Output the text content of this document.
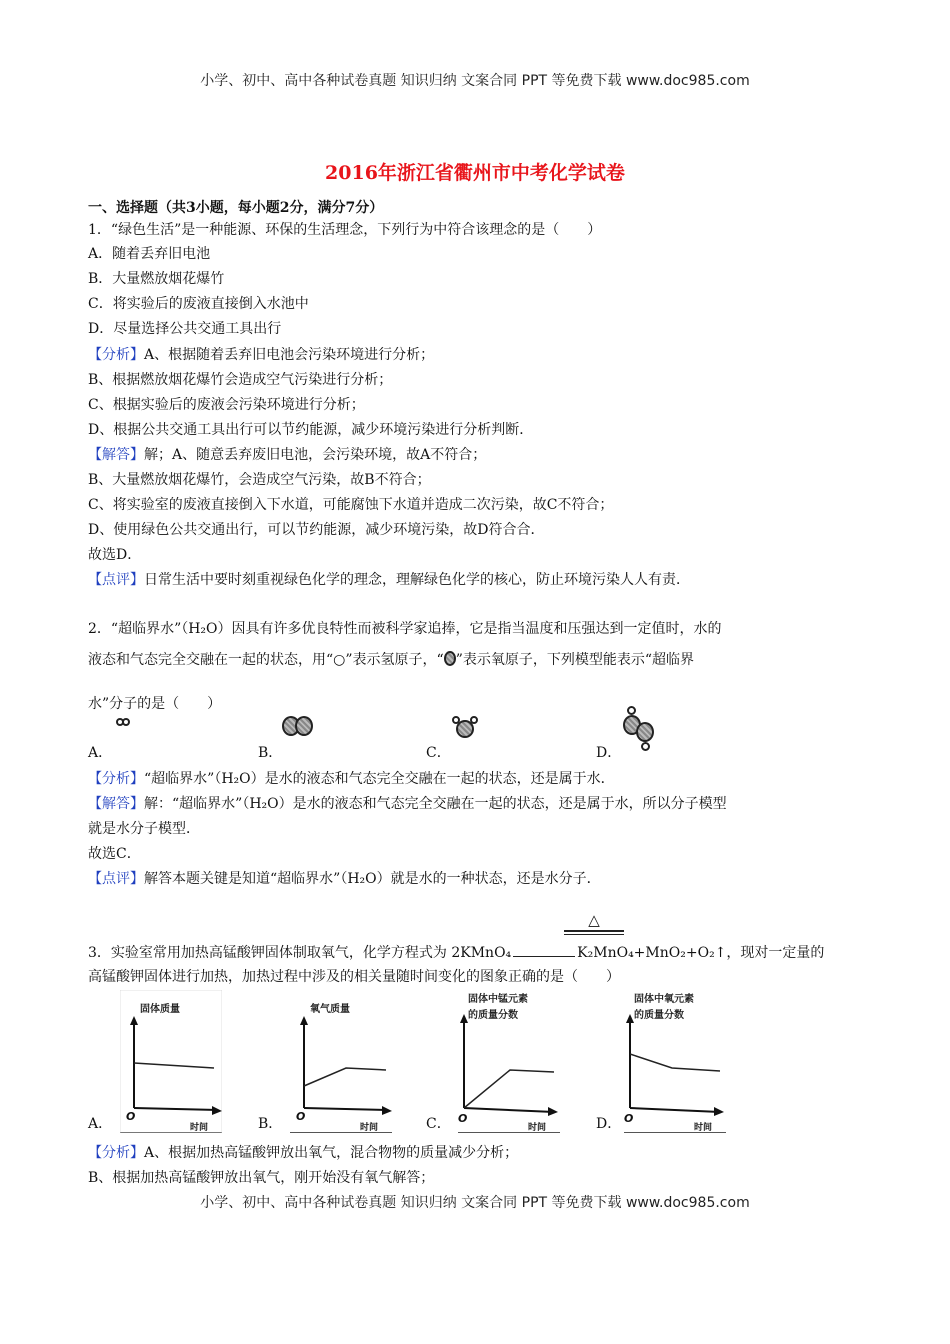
小学、初中、高中各种试卷真题 知识归纳 文案合同 PPT 等免费下载 www.doc985.com
2016年浙江省衢州市中考化学试卷
一、选择题（共3小题，每小题2分，满分7分）
1．“绿色生活”是一种能源、环保的生活理念，下列行为中符合该理念的是（　　）
A．随着丢弃旧电池
B．大量燃放烟花爆竹
C．将实验后的废液直接倒入水池中
D．尽量选择公共交通工具出行
【分析】A、根据随着丢弃旧电池会污染环境进行分析；
B、根据燃放烟花爆竹会造成空气污染进行分析；
C、根据实验后的废液会污染环境进行分析；
D、根据公共交通工具出行可以节约能源，减少环境污染进行分析判断．
【解答】解；A、随意丢弃废旧电池，会污染环境，故A不符合；
B、大量燃放烟花爆竹，会造成空气污染，故B不符合；
C、将实验室的废液直接倒入下水道，可能腐蚀下水道并造成二次污染，故C不符合；
D、使用绿色公共交通出行，可以节约能源，减少环境污染，故D符合合．
故选D．
【点评】日常生活中要时刻重视绿色化学的理念，理解绿色化学的核心，防止环境污染人人有责．
2．“超临界水”（H₂O）因具有许多优良特性而被科学家追捧，它是指当温度和压强达到一定值时，水的
液态和气态完全交融在一起的状态，用“○”表示氢原子，“ ”表示氧原子，下列模型能表示“超临界
水”分子的是（　　）
A．	B．	C．	D．
【分析】“超临界水”（H₂O）是水的液态和气态完全交融在一起的状态，还是属于水．
【解答】解：“超临界水”（H₂O）是水的液态和气态完全交融在一起的状态，还是属于水，所以分子模型
就是水分子模型．
故选C．
【点评】解答本题关键是知道“超临界水”（H₂O）就是水的一种状态，还是水分子．
△
3．实验室常用加热高锰酸钾固体制取氧气，化学方程式为 2KMnO₄	K₂MnO₄+MnO₂+O₂↑，现对一定量的
高锰酸钾固体进行加热，加热过程中涉及的相关量随时间变化的图象正确的是（　　）
A．
固体质量
O
时间	B．
氧气质量
O
时间	C．
固体中锰元素
的质量分数
O
时间	D．
固体中氧元素
的质量分数
O
时间
【分析】A、根据加热高锰酸钾放出氧气，混合物物的质量减少分析；
B、根据加热高锰酸钾放出氧气，刚开始没有氧气解答；
小学、初中、高中各种试卷真题 知识归纳 文案合同 PPT 等免费下载 www.doc985.com
